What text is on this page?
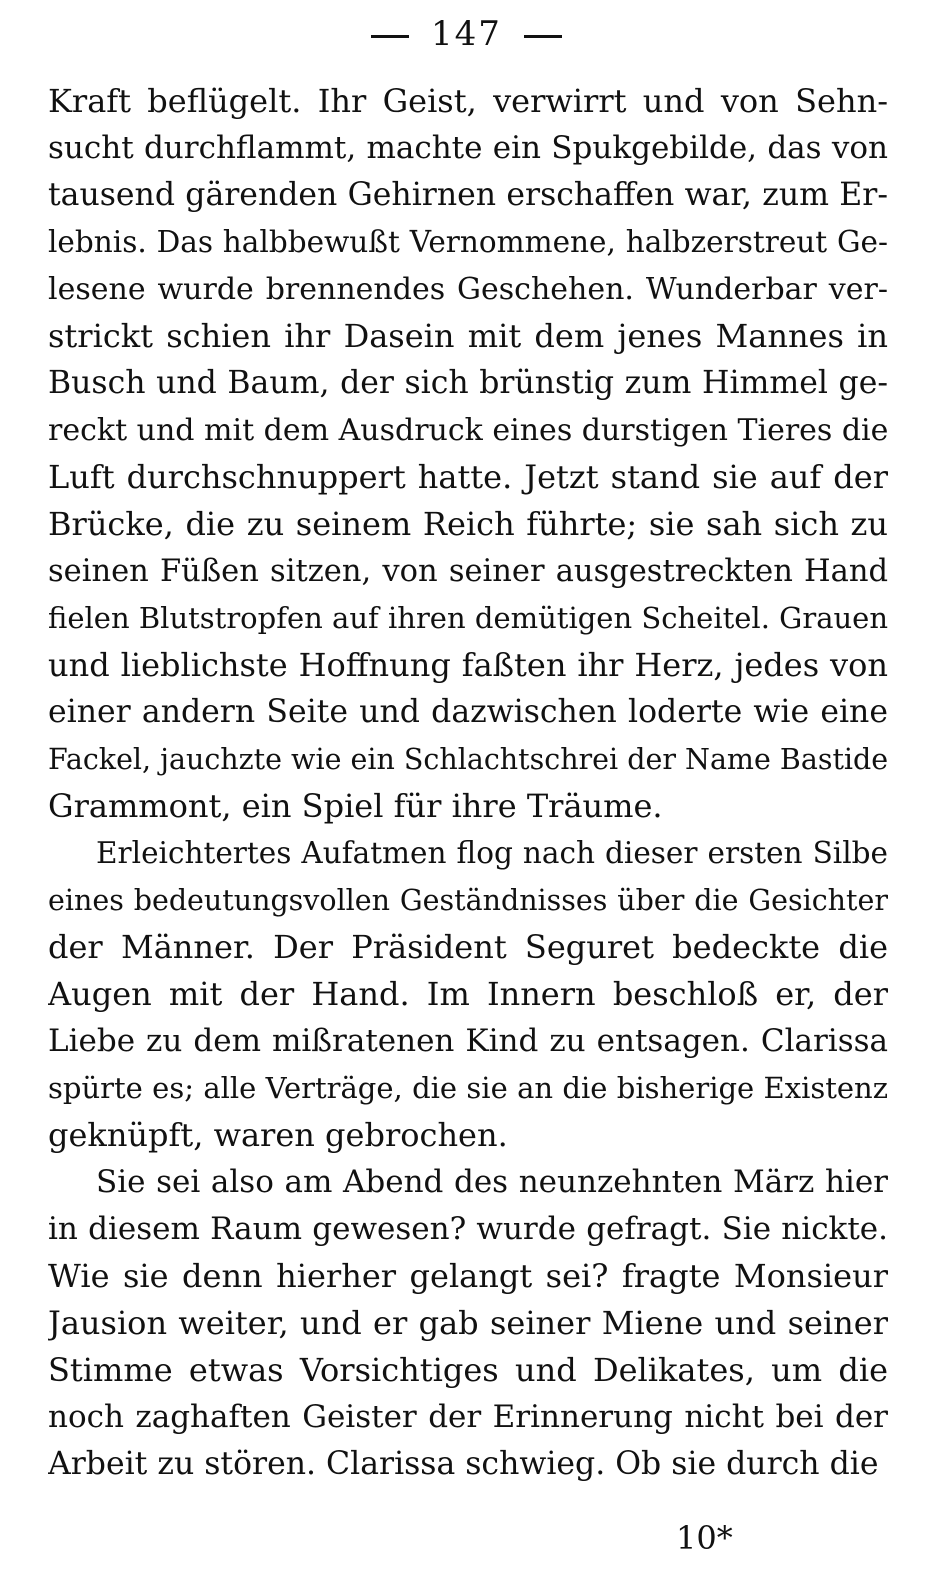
147
Kraft beflügelt. Ihr Geist, verwirrt und von Sehn-
sucht durchflammt, machte ein Spukgebilde, das von
tausend gärenden Gehirnen erschaffen war, zum Er-
lebnis. Das halbbewußt Vernommene, halbzerstreut Ge-
lesene wurde brennendes Geschehen. Wunderbar ver-
strickt schien ihr Dasein mit dem jenes Mannes in
Busch und Baum, der sich brünstig zum Himmel ge-
reckt und mit dem Ausdruck eines durstigen Tieres die
Luft durchschnuppert hatte. Jetzt stand sie auf der
Brücke, die zu seinem Reich führte; sie sah sich zu
seinen Füßen sitzen, von seiner ausgestreckten Hand
fielen Blutstropfen auf ihren demütigen Scheitel. Grauen
und lieblichste Hoffnung faßten ihr Herz, jedes von
einer andern Seite und dazwischen loderte wie eine
Fackel, jauchzte wie ein Schlachtschrei der Name Bastide
Grammont, ein Spiel für ihre Träume.
Erleichtertes Aufatmen flog nach dieser ersten Silbe
eines bedeutungsvollen Geständnisses über die Gesichter
der Männer. Der Präsident Seguret bedeckte die
Augen mit der Hand. Im Innern beschloß er, der
Liebe zu dem mißratenen Kind zu entsagen. Clarissa
spürte es; alle Verträge, die sie an die bisherige Existenz
geknüpft, waren gebrochen.
Sie sei also am Abend des neunzehnten März hier
in diesem Raum gewesen? wurde gefragt. Sie nickte.
Wie sie denn hierher gelangt sei? fragte Monsieur
Jausion weiter, und er gab seiner Miene und seiner
Stimme etwas Vorsichtiges und Delikates, um die
noch zaghaften Geister der Erinnerung nicht bei der
Arbeit zu stören. Clarissa schwieg. Ob sie durch die
10*
